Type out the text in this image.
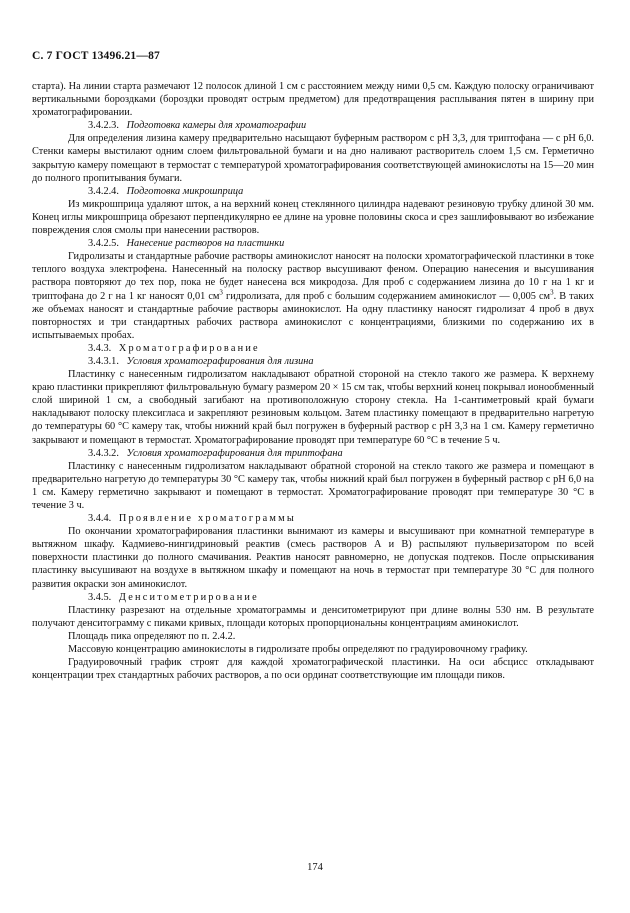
С. 7 ГОСТ 13496.21—87

старта). На линии старта размечают 12 полосок длиной 1 см с расстоянием между ними 0,5 см. Каждую полоску ограничивают вертикальными бороздками (бороздки проводят острым предметом) для предотвращения расплывания пятен в ширину при хроматографировании.

3.4.2.3. Подготовка камеры для хроматографии

Для определения лизина камеру предварительно насыщают буферным раствором с pH 3,3, для триптофана — с pH 6,0. Стенки камеры выстилают одним слоем фильтровальной бумаги и на дно наливают растворитель слоем 1,5 см. Герметично закрытую камеру помещают в термостат с температурой хроматографирования соответствующей аминокислоты на 15—20 мин до полного пропитывания бумаги.

3.4.2.4. Подготовка микрошприца

Из микрошприца удаляют шток, а на верхний конец стеклянного цилиндра надевают резиновую трубку длиной 30 мм. Конец иглы микрошприца обрезают перпендикулярно ее длине на уровне половины скоса и срез зашлифовывают во избежание повреждения слоя смолы при нанесении растворов.

3.4.2.5. Нанесение растворов на пластинки

Гидролизаты и стандартные рабочие растворы аминокислот наносят на полоски хроматографической пластинки в токе теплого воздуха электрофена. Нанесенный на полоску раствор высушивают феном. Операцию нанесения и высушивания раствора повторяют до тех пор, пока не будет нанесена вся микродоза. Для проб с содержанием лизина до 10 г на 1 кг и триптофана до 2 г на 1 кг наносят 0,01 $см^3$ гидролизата, для проб с большим содержанием аминокислот — 0,005 $см^3$. В таких же объемах наносят и стандартные рабочие растворы аминокислот. На одну пластинку наносят гидролизат 4 проб в двух повторностях и три стандартных рабочих раствора аминокислот с концентрациями, близкими по содержанию их в испытываемых пробах.

3.4.3. Хроматографирование

3.4.3.1. Условия хроматографирования для лизина

Пластинку с нанесенным гидролизатом накладывают обратной стороной на стекло такого же размера. К верхнему краю пластинки прикрепляют фильтровальную бумагу размером 20 × 15 см так, чтобы верхний конец покрывал ионообменный слой шириной 1 см, а свободный загибают на противоположную сторону стекла. На 1-сантиметровый край бумаги накладывают полоску плексигласа и закрепляют резиновым кольцом. Затем пластинку помещают в предварительно нагретую до температуры 60 °С камеру так, чтобы нижний край был погружен в буферный раствор с pH 3,3 на 1 см. Камеру герметично закрывают и помещают в термостат. Хроматографирование проводят при температуре 60 °С в течение 5 ч.

3.4.3.2. Условия хроматографирования для триптофана

Пластинку с нанесенным гидролизатом накладывают обратной стороной на стекло такого же размера и помещают в предварительно нагретую до температуры 30 °С камеру так, чтобы нижний край был погружен в буферный раствор с pH 6,0 на 1 см. Камеру герметично закрывают и помещают в термостат. Хроматографирование проводят при температуре 30 °С в течение 3 ч.

3.4.4. Проявление хроматограммы

По окончании хроматографирования пластинки вынимают из камеры и высушивают при комнатной температуре в вытяжном шкафу. Кадмиево-нингидриновый реактив (смесь растворов А и В) распыляют пульверизатором по всей поверхности пластинки до полного смачивания. Реактив наносят равномерно, не допуская подтеков. После опрыскивания пластинку высушивают на воздухе в вытяжном шкафу и помещают на ночь в термостат при температуре 30 °С для полного развития окраски зон аминокислот.

3.4.5. Денситометрирование

Пластинку разрезают на отдельные хроматограммы и денситометрируют при длине волны 530 нм. В результате получают денситограмму с пиками кривых, площади которых пропорциональны концентрациям аминокислот.

Площадь пика определяют по п. 2.4.2.

Массовую концентрацию аминокислоты в гидролизате пробы определяют по градуировочному графику.

Градуировочный график строят для каждой хроматографической пластинки. На оси абсцисс откладывают концентрации трех стандартных рабочих растворов, а по оси ординат соответствующие им площади пиков.

174
